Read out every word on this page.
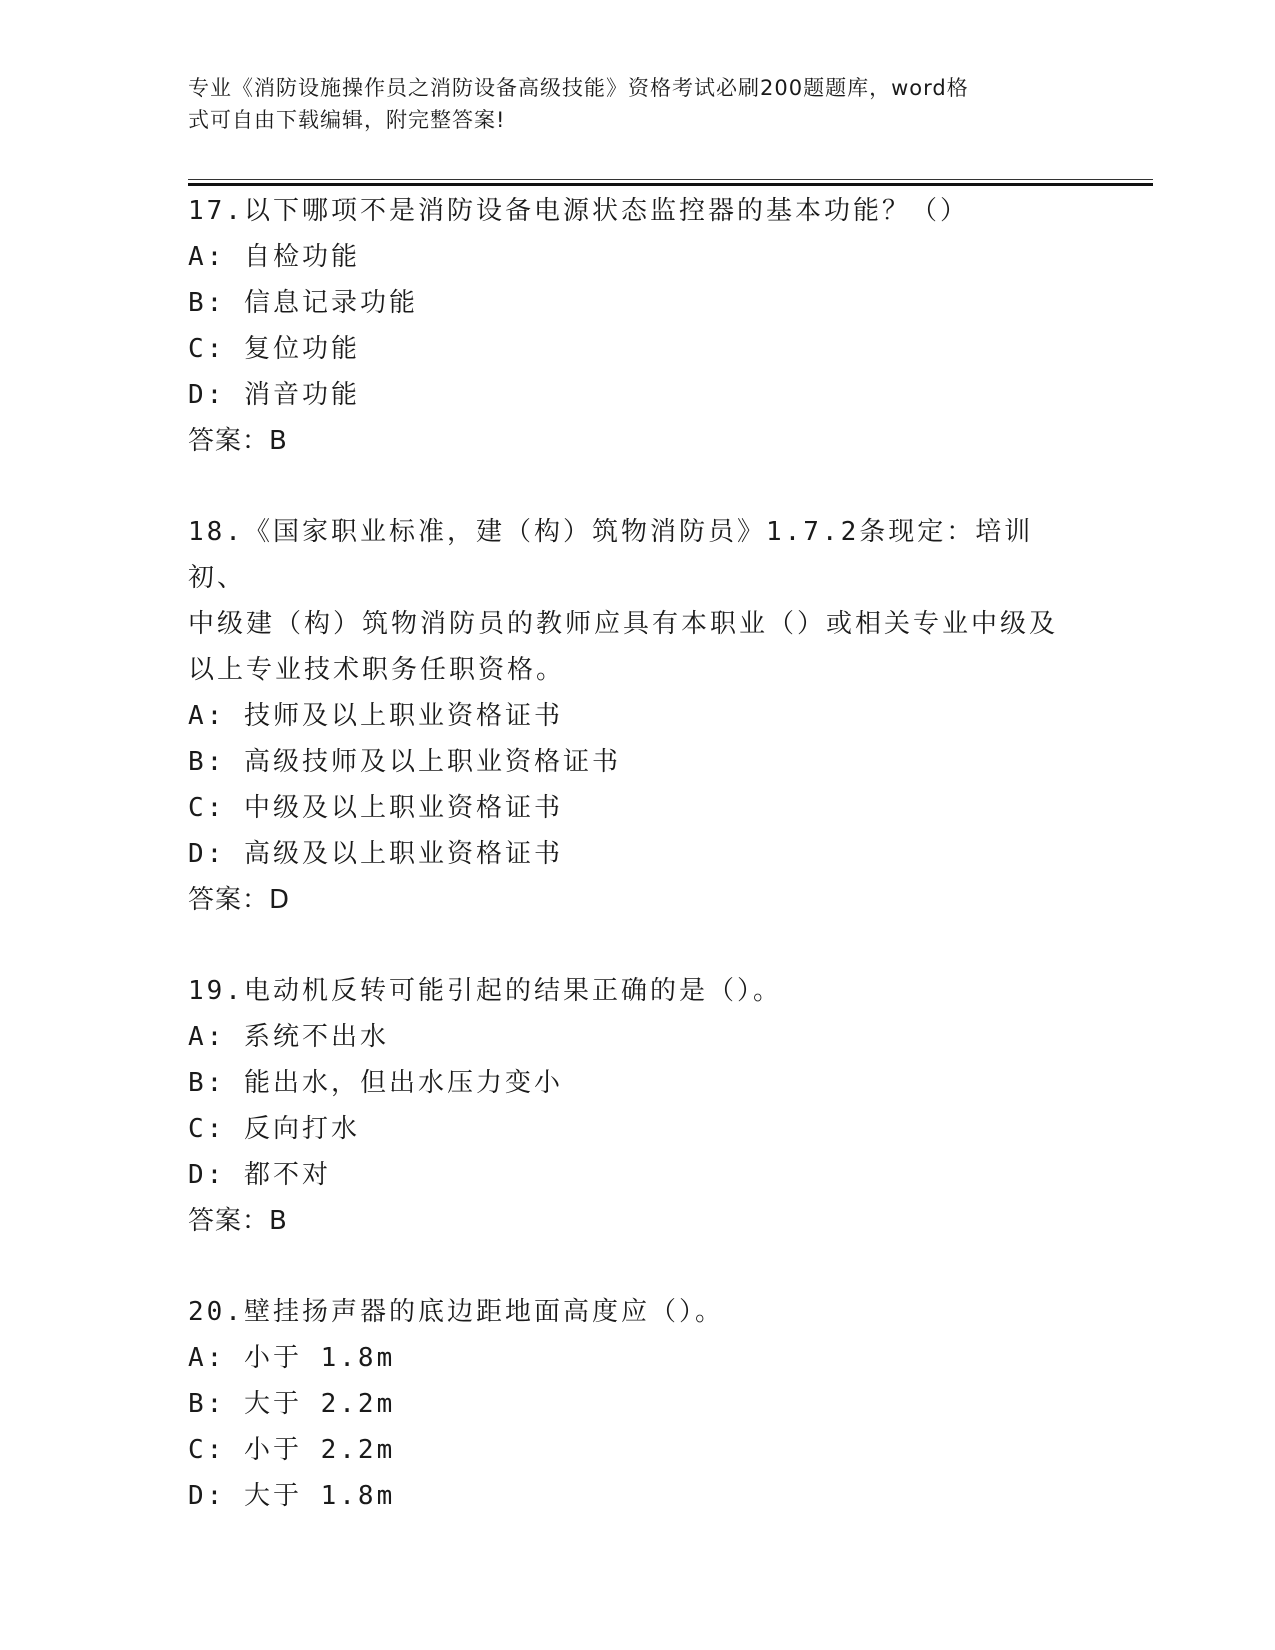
专业《消防设施操作员之消防设备高级技能》资格考试必刷200题题库，word格
式可自由下载编辑，附完整答案!
17.以下哪项不是消防设备电源状态监控器的基本功能？（）
A: 自检功能
B: 信息记录功能
C: 复位功能
D: 消音功能
答案：B
18.《国家职业标准，建（构）筑物消防员》1.7.2条现定：培训初、
中级建（构）筑物消防员的教师应具有本职业（）或相关专业中级及
以上专业技术职务任职资格。
A: 技师及以上职业资格证书
B: 高级技师及以上职业资格证书
C: 中级及以上职业资格证书
D: 高级及以上职业资格证书
答案：D
19.电动机反转可能引起的结果正确的是（）。
A: 系统不出水
B: 能出水，但出水压力变小
C: 反向打水
D: 都不对
答案：B
20.壁挂扬声器的底边距地面高度应（）。
A: 小于 1.8m
B: 大于 2.2m
C: 小于 2.2m
D: 大于 1.8m
